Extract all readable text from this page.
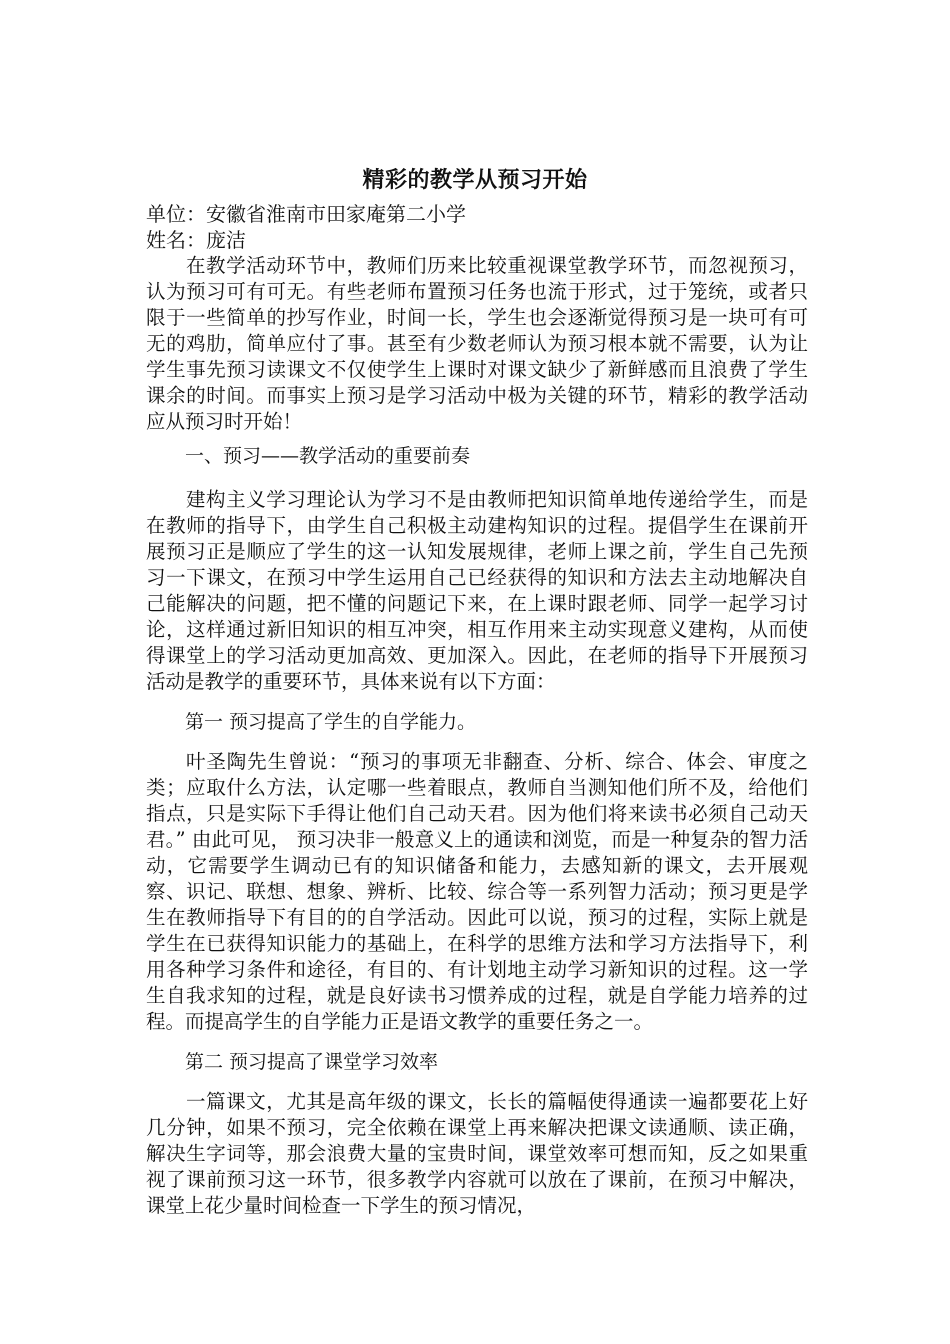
精彩的教学从预习开始

单位：安徽省淮南市田家庵第二小学

姓名：庞洁

在教学活动环节中，教师们历来比较重视课堂教学环节，而忽视预习， 认为预习可有可无。有些老师布置预习任务也流于形式，过于笼统，或者只限于一些简单的抄写作业，时间一长，学生也会逐渐觉得预习是一块可有可无的鸡肋，简单应付了事。甚至有少数老师认为预习根本就不需要，认为让学生事先预习读课文不仅使学生上课时对课文缺少了新鲜感而且浪费了学生课余的时间。而事实上预习是学习活动中极为关键的环节，精彩的教学活动应从预习时开始！

一、预习——教学活动的重要前奏

建构主义学习理论认为学习不是由教师把知识简单地传递给学生，而是在教师的指导下，由学生自己积极主动建构知识的过程。提倡学生在课前开展预习正是顺应了学生的这一认知发展规律，老师上课之前，学生自己先预习一下课文，在预习中学生运用自己已经获得的知识和方法去主动地解决自己能解决的问题，把不懂的问题记下来，在上课时跟老师、同学一起学习讨论，这样通过新旧知识的相互冲突，相互作用来主动实现意义建构，从而使得课堂上的学习活动更加高效、更加深入。因此，在老师的指导下开展预习活动是教学的重要环节，具体来说有以下方面：

第一 预习提高了学生的自学能力。

叶圣陶先生曾说：“预习的事项无非翻查、分析、综合、体会、审度之类；应取什么方法，认定哪一些着眼点，教师自当测知他们所不及，给他们指点，只是实际下手得让他们自己动天君。因为他们将来读书必须自己动天君。” 由此可见， 预习决非一般意义上的通读和浏览，而是一种复杂的智力活动，它需要学生调动已有的知识储备和能力，去感知新的课文，去开展观察、识记、联想、想象、辨析、比较、综合等一系列智力活动；预习更是学生在教师指导下有目的的自学活动。因此可以说，预习的过程，实际上就是学生在已获得知识能力的基础上，在科学的思维方法和学习方法指导下，利用各种学习条件和途径，有目的、有计划地主动学习新知识的过程。这一学生自我求知的过程，就是良好读书习惯养成的过程，就是自学能力培养的过程。而提高学生的自学能力正是语文教学的重要任务之一。

第二 预习提高了课堂学习效率

一篇课文，尤其是高年级的课文，长长的篇幅使得通读一遍都要花上好几分钟，如果不预习，完全依赖在课堂上再来解决把课文读通顺、读正确，解决生字词等，那会浪费大量的宝贵时间，课堂效率可想而知，反之如果重视了课前预习这一环节，很多教学内容就可以放在了课前，在预习中解决，课堂上花少量时间检查一下学生的预习情况，
